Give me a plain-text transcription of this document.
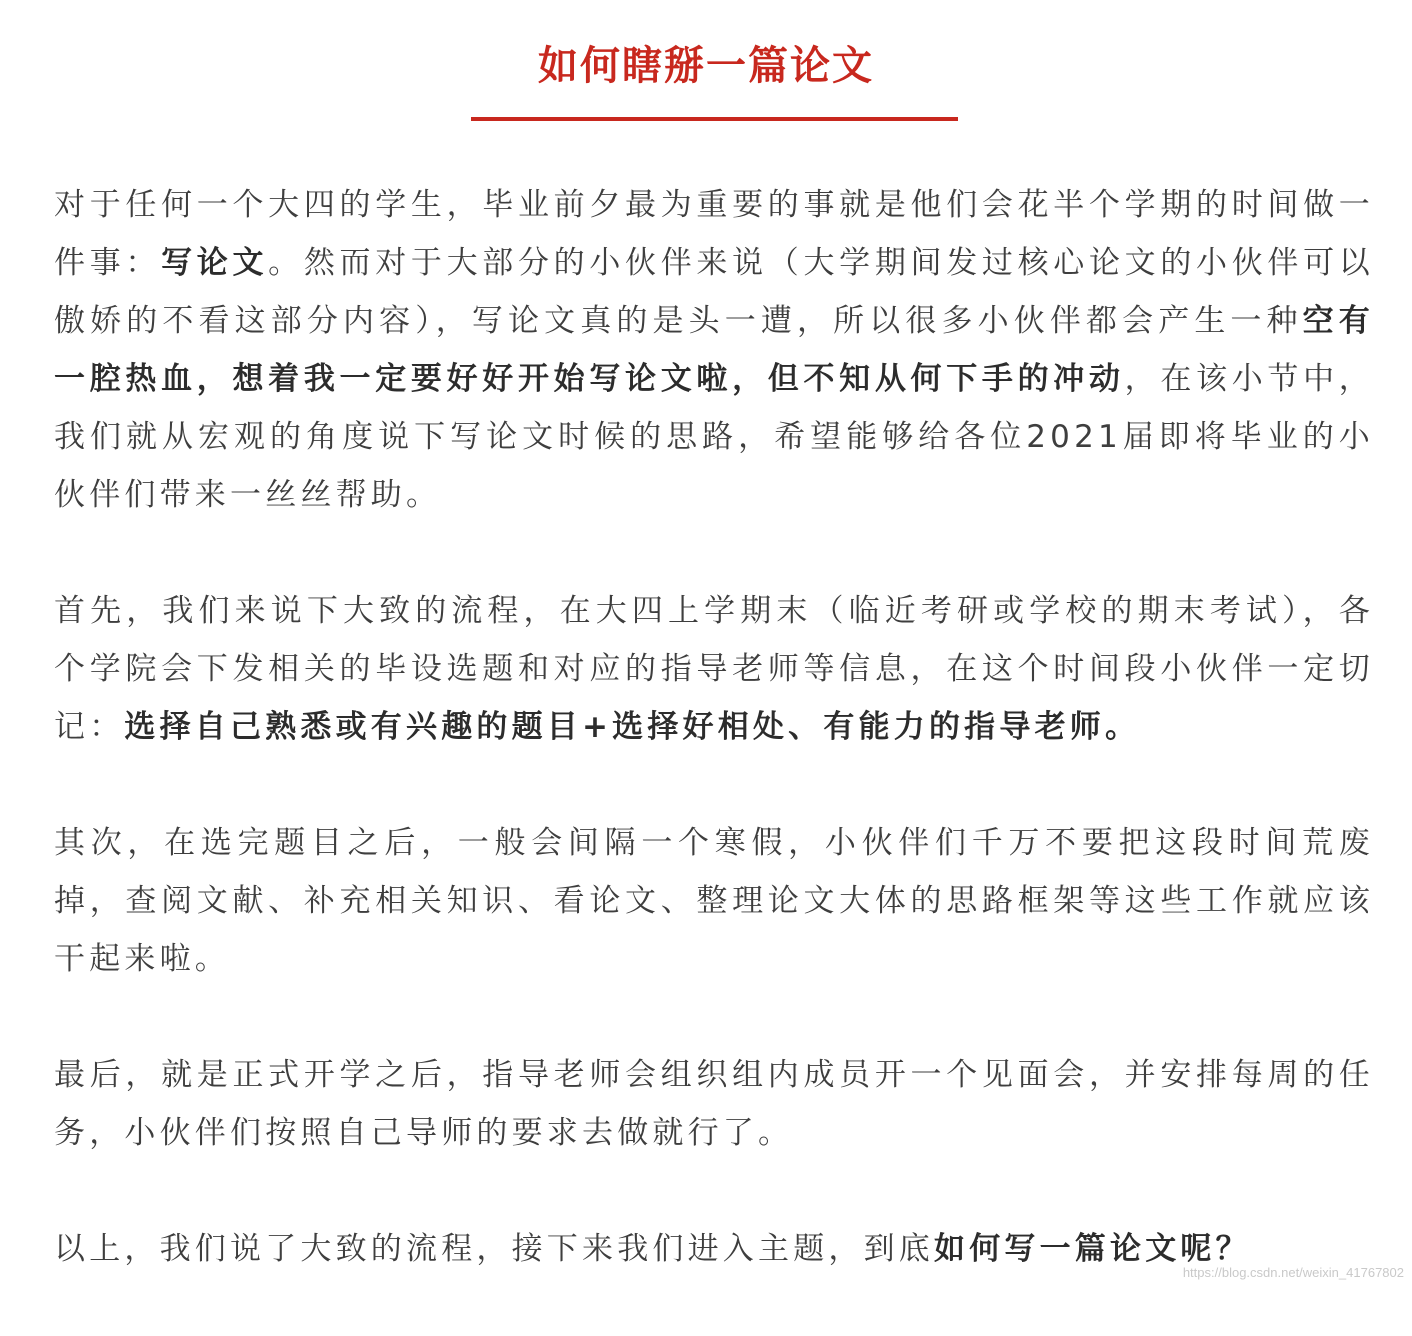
如何瞎掰一篇论文

对于任何一个大四的学生，毕业前夕最为重要的事就是他们会花半个学期的时间做一件事：写论文。然而对于大部分的小伙伴来说（大学期间发过核心论文的小伙伴可以傲娇的不看这部分内容），写论文真的是头一遭，所以很多小伙伴都会产生一种空有一腔热血，想着我一定要好好开始写论文啦，但不知从何下手的冲动，在该小节中，我们就从宏观的角度说下写论文时候的思路，希望能够给各位2021届即将毕业的小伙伴们带来一丝丝帮助。

首先，我们来说下大致的流程，在大四上学期末（临近考研或学校的期末考试），各个学院会下发相关的毕设选题和对应的指导老师等信息，在这个时间段小伙伴一定切记：选择自己熟悉或有兴趣的题目+选择好相处、有能力的指导老师。

其次，在选完题目之后，一般会间隔一个寒假，小伙伴们千万不要把这段时间荒废掉，查阅文献、补充相关知识、看论文、整理论文大体的思路框架等这些工作就应该干起来啦。

最后，就是正式开学之后，指导老师会组织组内成员开一个见面会，并安排每周的任务，小伙伴们按照自己导师的要求去做就行了。

以上，我们说了大致的流程，接下来我们进入主题，到底如何写一篇论文呢？

https://blog.csdn.net/weixin_41767802
